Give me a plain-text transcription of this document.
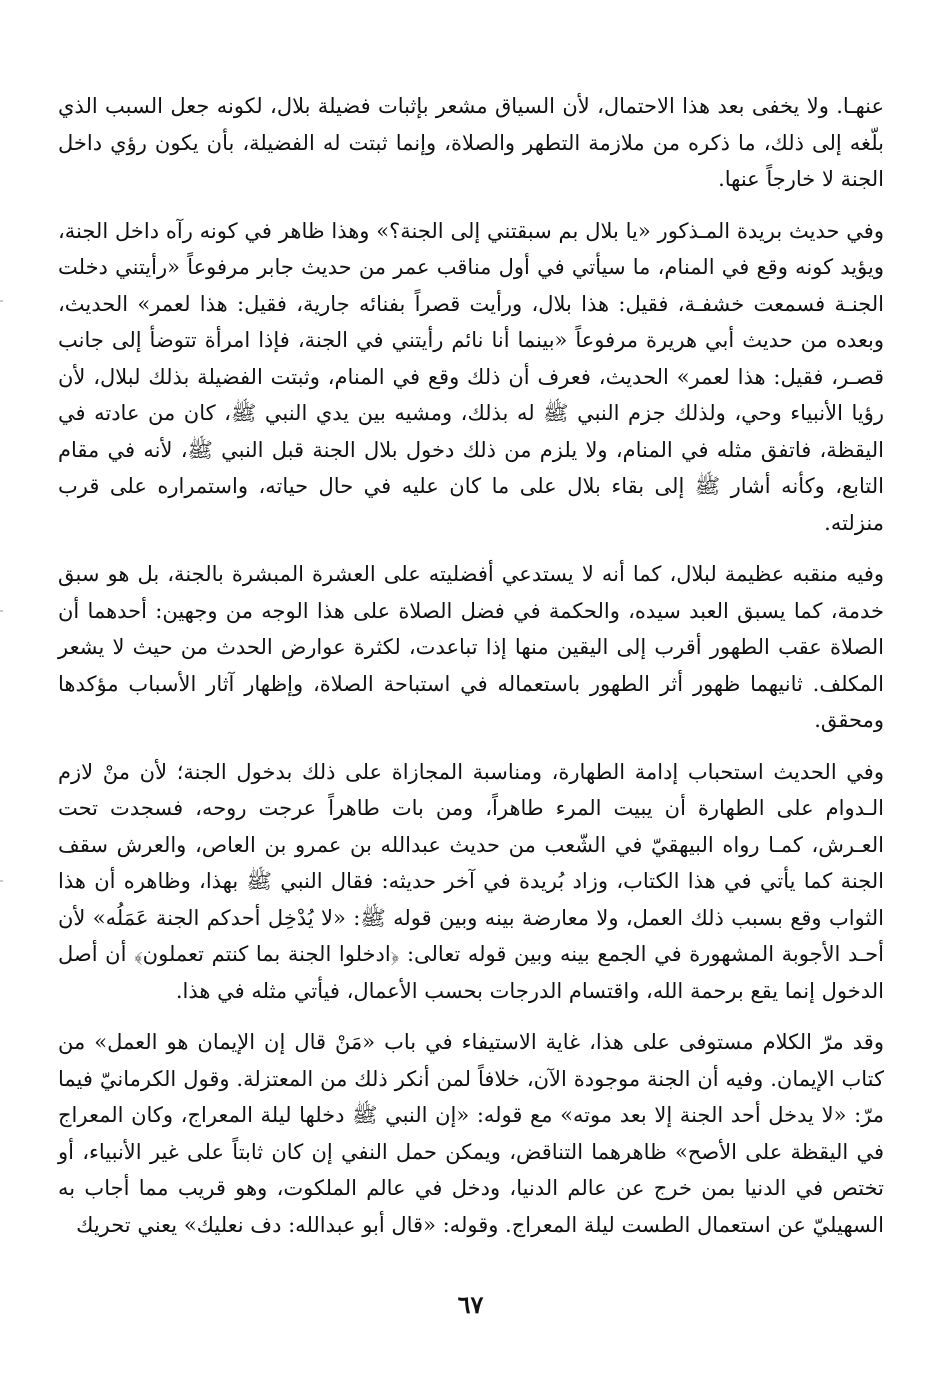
عنهـا. ولا يخفى بعد هذا الاحتمال، لأن السياق مشعر بإثبات فضيلة بلال، لكونه جعل السبب الذي بلّغه إلى ذلك، ما ذكره من ملازمة التطهر والصلاة، وإنما ثبتت له الفضيلة، بأن يكون رؤي داخل الجنة لا خارجاً عنها.

وفي حديث بريدة المـذكور «يا بلال بم سبقتني إلى الجنة؟» وهذا ظاهر في كونه رآه داخل الجنة، ويؤيد كونه وقع في المنام، ما سيأتي في أول مناقب عمر من حديث جابر مرفوعاً «رأيتني دخلت الجنـة فسمعت خشفـة، فقيل: هذا بلال، ورأيت قصراً بفنائه جارية، فقيل: هذا لعمر» الحديث، وبعده من حديث أبي هريرة مرفوعاً «بينما أنا نائم رأيتني في الجنة، فإذا امرأة تتوضأ إلى جانب قصـر، فقيل: هذا لعمر» الحديث، فعرف أن ذلك وقع في المنام، وثبتت الفضيلة بذلك لبلال، لأن رؤيا الأنبياء وحي، ولذلك جزم النبي ﷺ له بذلك، ومشيه بين يدي النبي ﷺ، كان من عادته في اليقظة، فاتفق مثله في المنام، ولا يلزم من ذلك دخول بلال الجنة قبل النبي ﷺ، لأنه في مقام التابع، وكأنه أشار ﷺ إلى بقاء بلال على ما كان عليه في حال حياته، واستمراره على قرب منزلته.

وفيه منقبه عظيمة لبلال، كما أنه لا يستدعي أفضليته على العشرة المبشرة بالجنة، بل هو سبق خدمة، كما يسبق العبد سيده، والحكمة في فضل الصلاة على هذا الوجه من وجهين: أحدهما أن الصلاة عقب الطهور أقرب إلى اليقين منها إذا تباعدت، لكثرة عوارض الحدث من حيث لا يشعر المكلف. ثانيهما ظهور أثر الطهور باستعماله في استباحة الصلاة، وإظهار آثار الأسباب مؤكدها ومحقق.

وفي الحديث استحباب إدامة الطهارة، ومناسبة المجازاة على ذلك بدخول الجنة؛ لأن منْ لازم الـدوام على الطهارة أن يبيت المرء طاهراً، ومن بات طاهراً عرجت روحه، فسجدت تحت العـرش، كمـا رواه البيهقيّ في الشّعب من حديث عبدالله بن عمرو بن العاص، والعرش سقف الجنة كما يأتي في هذا الكتاب، وزاد بُريدة في آخر حديثه: فقال النبي ﷺ بهذا، وظاهره أن هذا الثواب وقع بسبب ذلك العمل، ولا معارضة بينه وبين قوله ﷺ: «لا يُدْخِل أحدكم الجنة عَمَلُه» لأن أحـد الأجوبة المشهورة في الجمع بينه وبين قوله تعالى: ﴿ادخلوا الجنة بما كنتم تعملون﴾ أن أصل الدخول إنما يقع برحمة الله، واقتسام الدرجات بحسب الأعمال، فيأتي مثله في هذا.

وقد مرّ الكلام مستوفى على هذا، غاية الاستيفاء في باب «مَنْ قال إن الإيمان هو العمل» من كتاب الإيمان. وفيه أن الجنة موجودة الآن، خلافاً لمن أنكر ذلك من المعتزلة. وقول الكرمانيّ فيما مرّ: «لا يدخل أحد الجنة إلا بعد موته» مع قوله: «إن النبي ﷺ دخلها ليلة المعراج، وكان المعراج في اليقظة على الأصح» ظاهرهما التناقض، ويمكن حمل النفي إن كان ثابتاً على غير الأنبياء، أو تختص في الدنيا بمن خرج عن عالم الدنيا، ودخل في عالم الملكوت، وهو قريب مما أجاب به السهيليّ عن استعمال الطست ليلة المعراج. وقوله: «قال أبو عبدالله: دف نعليك» يعني تحريك

٦٧
